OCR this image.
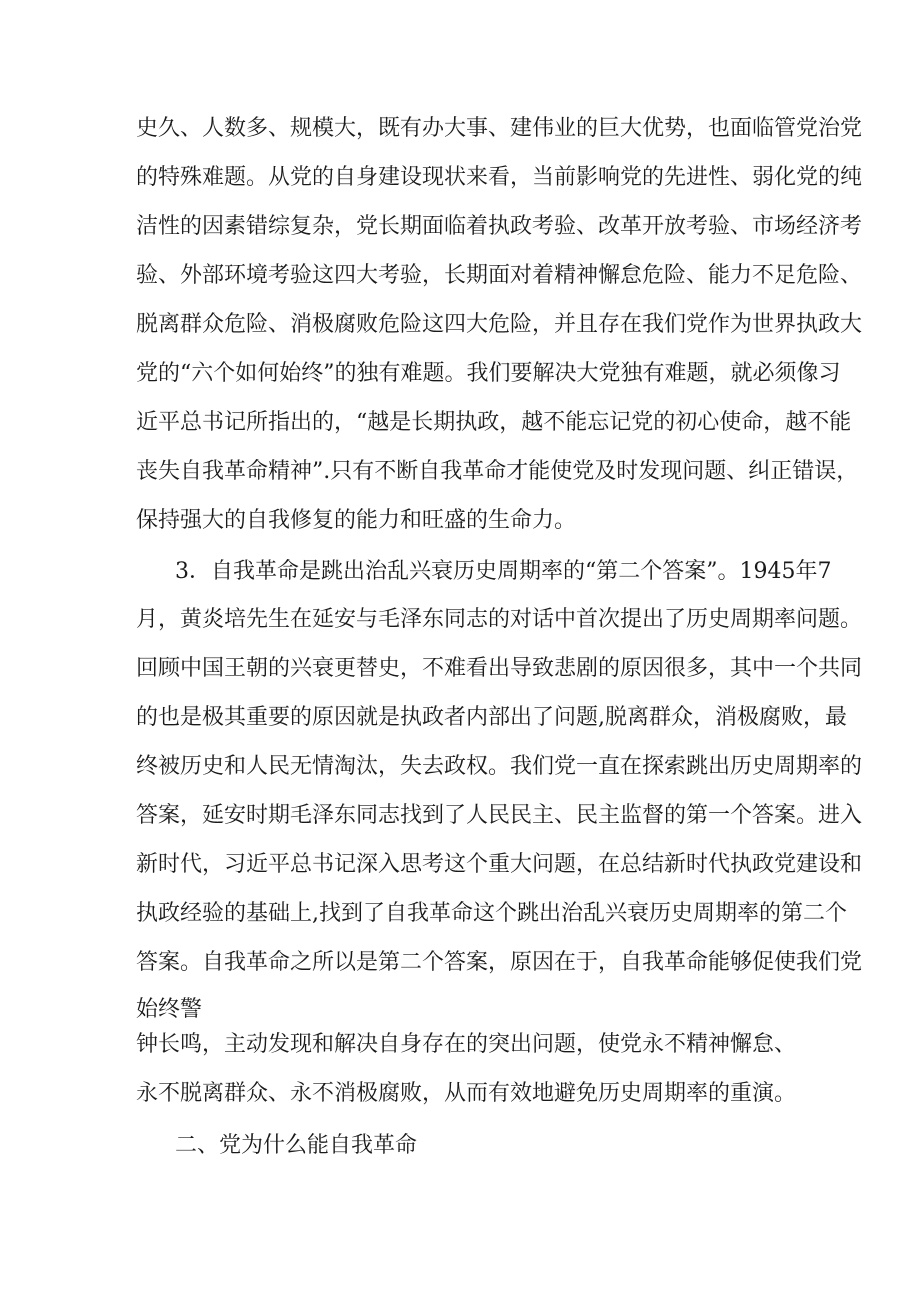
史久、人数多、规模大，既有办大事、建伟业的巨大优势，也面临管党治党
的特殊难题。从党的自身建设现状来看，当前影响党的先进性、弱化党的纯
洁性的因素错综复杂，党长期面临着执政考验、改革开放考验、市场经济考
验、外部环境考验这四大考验，长期面对着精神懈怠危险、能力不足危险、
脱离群众危险、消极腐败危险这四大危险，并且存在我们党作为世界执政大
党的“六个如何始终”的独有难题。我们要解决大党独有难题，就必须像习
近平总书记所指出的，“越是长期执政，越不能忘记党的初心使命，越不能
丧失自我革命精神”.只有不断自我革命才能使党及时发现问题、纠正错误，
保持强大的自我修复的能力和旺盛的生命力。
3．自我革命是跳出治乱兴衰历史周期率的“第二个答案”。1945年7
月，黄炎培先生在延安与毛泽东同志的对话中首次提出了历史周期率问题。
回顾中国王朝的兴衰更替史，不难看出导致悲剧的原因很多，其中一个共同
的也是极其重要的原因就是执政者内部出了问题,脱离群众，消极腐败，最
终被历史和人民无情淘汰，失去政权。我们党一直在探索跳出历史周期率的
答案，延安时期毛泽东同志找到了人民民主、民主监督的第一个答案。进入
新时代，习近平总书记深入思考这个重大问题，在总结新时代执政党建设和
执政经验的基础上,找到了自我革命这个跳出治乱兴衰历史周期率的第二个
答案。自我革命之所以是第二个答案，原因在于，自我革命能够促使我们党
始终警
钟长鸣，主动发现和解决自身存在的突出问题，使党永不精神懈怠、
永不脱离群众、永不消极腐败，从而有效地避免历史周期率的重演。
二、党为什么能自我革命
